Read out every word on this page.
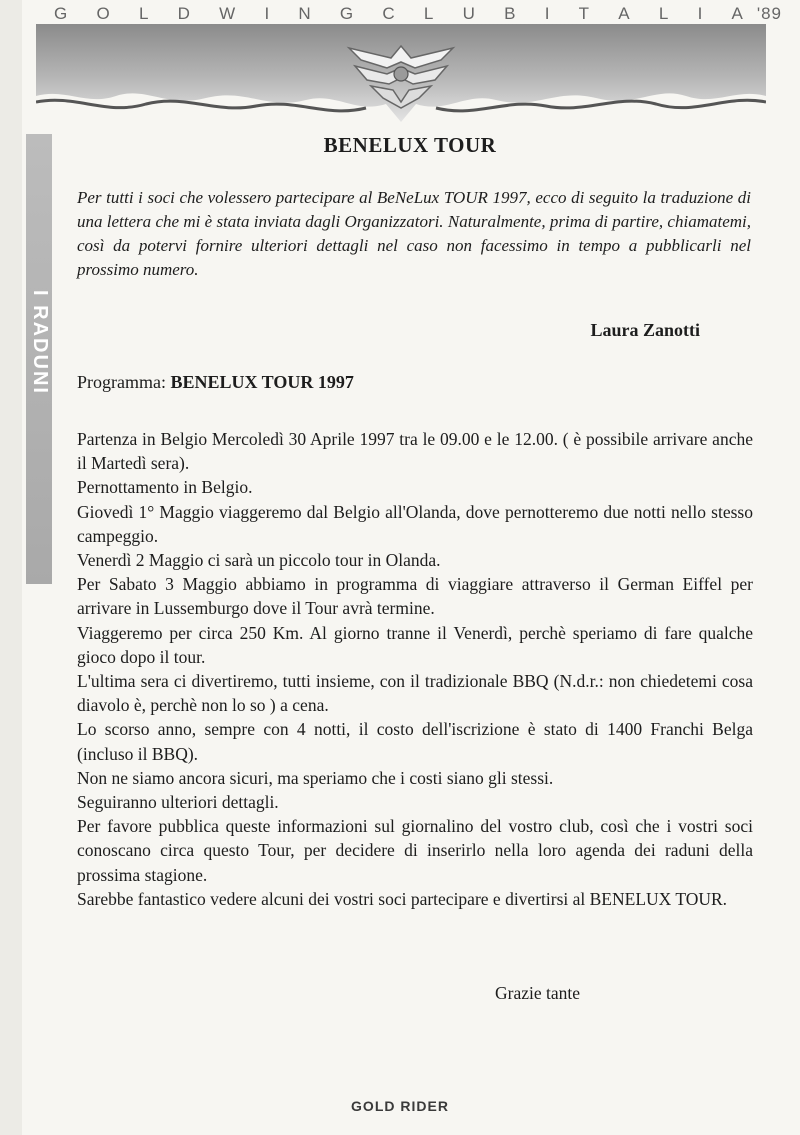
G O L D W I N G C L U B I T A L I A '89
I RADUNI
BENELUX TOUR

Per tutti i soci che volessero partecipare al BeNeLux TOUR 1997, ecco di seguito la traduzione di una lettera che mi è stata inviata dagli Organizzatori. Naturalmente, prima di partire, chiamatemi, così da potervi fornire ulteriori dettagli nel caso non facessimo in tempo a pubblicarli nel prossimo numero.

Laura Zanotti
Programma: BENELUX TOUR 1997
Partenza in Belgio Mercoledì 30 Aprile 1997 tra le 09.00 e le 12.00. ( è possibile arrivare anche il Martedì sera).
Pernottamento in Belgio.
Giovedì 1° Maggio viaggeremo dal Belgio all'Olanda, dove pernotteremo due notti nello stesso campeggio.
Venerdì 2 Maggio ci sarà un piccolo tour in Olanda.
Per Sabato 3 Maggio abbiamo in programma di viaggiare attraverso il German Eiffel per arrivare in Lussemburgo dove il Tour avrà termine.
Viaggeremo per circa 250 Km. Al giorno tranne il Venerdì, perchè speriamo di fare qualche gioco dopo il tour.
L'ultima sera ci divertiremo, tutti insieme, con il tradizionale BBQ (N.d.r.: non chiedetemi cosa diavolo è, perchè non lo so ) a cena.
Lo scorso anno, sempre con 4 notti, il costo dell'iscrizione è stato di 1400 Franchi Belga (incluso il BBQ).
Non ne siamo ancora sicuri, ma speriamo che i costi siano gli stessi.
Seguiranno ulteriori dettagli.
Per favore pubblica queste informazioni sul giornalino del vostro club, così che i vostri soci conoscano circa questo Tour, per decidere di inserirlo nella loro agenda dei raduni della prossima stagione.
Sarebbe fantastico vedere alcuni dei vostri soci partecipare e divertirsi al BENELUX TOUR.
Grazie tante
GOLD RIDER
